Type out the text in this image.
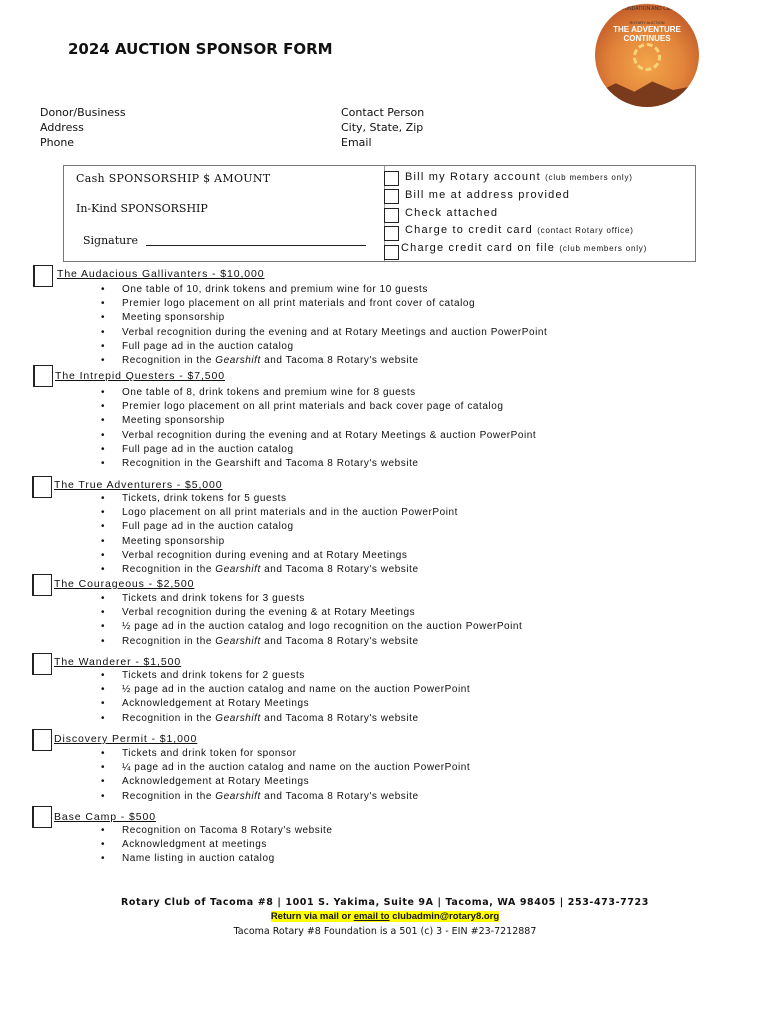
2024 AUCTION SPONSOR FORM
ROTARY FOUNDATION AND CELEBRATION
ROTARY AUCTION
THE ADVENTURE
CONTINUES
Donor/Business
Address
Phone
Contact Person
City, State, Zip
Email
Cash SPONSORSHIP $ AMOUNT
In-Kind SPONSORSHIP
Signature
Bill my Rotary account (club members only)
Bill me at address provided
Check attached
Charge to credit card (contact Rotary office)
Charge credit card on file (club members only)
The Audacious Gallivanters - $10,000
• One table of 10, drink tokens and premium wine for 10 guests
• Premier logo placement on all print materials and front cover of catalog
• Meeting sponsorship
• Verbal recognition during the evening and at Rotary Meetings and auction PowerPoint
• Full page ad in the auction catalog
• Recognition in the Gearshift and Tacoma 8 Rotary's website
The Intrepid Questers - $7,500
• One table of 8, drink tokens and premium wine for 8 guests
• Premier logo placement on all print materials and back cover page of catalog
• Meeting sponsorship
• Verbal recognition during the evening and at Rotary Meetings & auction PowerPoint
• Full page ad in the auction catalog
• Recognition in the Gearshift and Tacoma 8 Rotary's website
The True Adventurers - $5,000
• Tickets, drink tokens for 5 guests
• Logo placement on all print materials and in the auction PowerPoint
• Full page ad in the auction catalog
• Meeting sponsorship
• Verbal recognition during evening and at Rotary Meetings
• Recognition in the Gearshift and Tacoma 8 Rotary's website
The Courageous - $2,500
• Tickets and drink tokens for 3 guests
• Verbal recognition during the evening & at Rotary Meetings
• ½ page ad in the auction catalog and logo recognition on the auction PowerPoint
• Recognition in the Gearshift and Tacoma 8 Rotary's website
The Wanderer - $1,500
• Tickets and drink tokens for 2 guests
• ½ page ad in the auction catalog and name on the auction PowerPoint
• Acknowledgement at Rotary Meetings
• Recognition in the Gearshift and Tacoma 8 Rotary's website
Discovery Permit - $1,000
• Tickets and drink token for sponsor
• ¼ page ad in the auction catalog and name on the auction PowerPoint
• Acknowledgement at Rotary Meetings
• Recognition in the Gearshift and Tacoma 8 Rotary's website
Base Camp - $500
• Recognition on Tacoma 8 Rotary's website
• Acknowledgment at meetings
• Name listing in auction catalog
Rotary Club of Tacoma #8 | 1001 S. Yakima, Suite 9A | Tacoma, WA 98405 | 253-473-7723
Return via mail or email to clubadmin@rotary8.org
Tacoma Rotary #8 Foundation is a 501 (c) 3 - EIN #23-7212887
